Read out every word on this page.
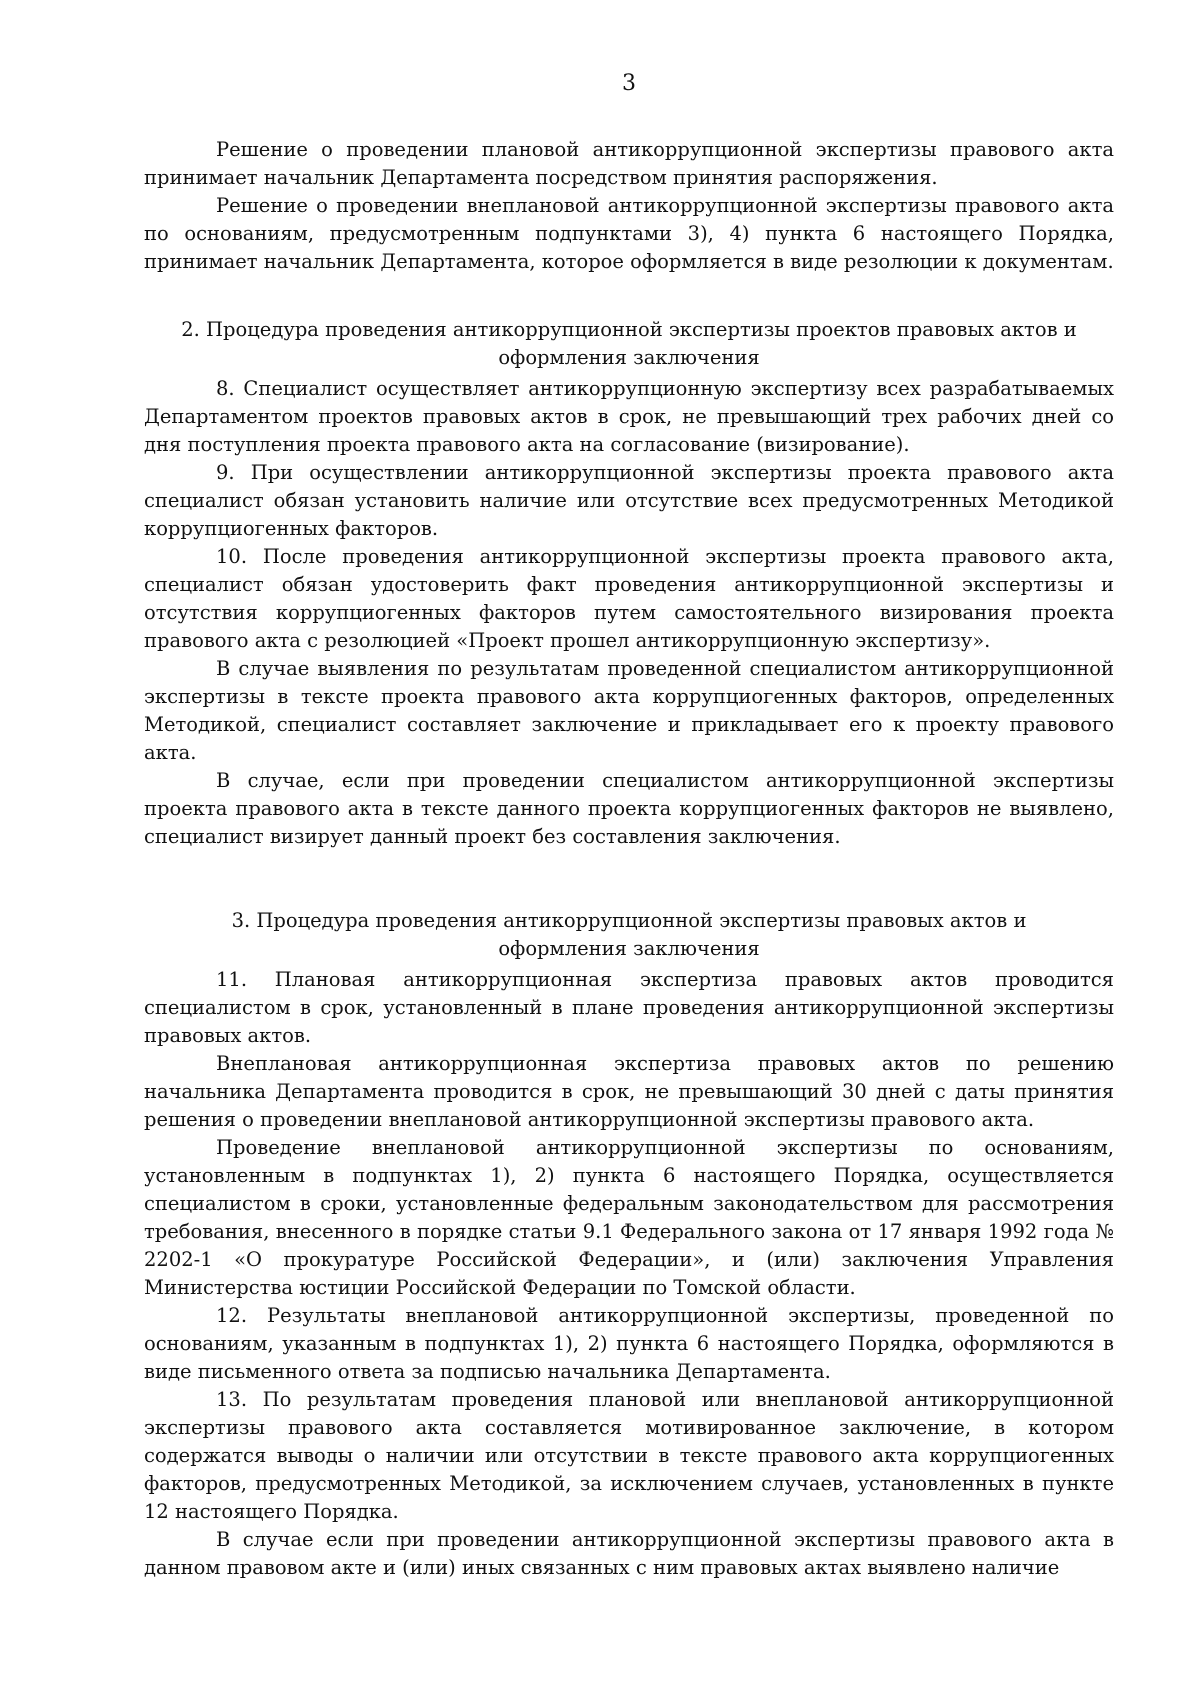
3

Решение о проведении плановой антикоррупционной экспертизы правового акта принимает начальник Департамента посредством принятия распоряжения.

Решение о проведении внеплановой антикоррупционной экспертизы правового акта по основаниям, предусмотренным подпунктами 3), 4) пункта 6 настоящего Порядка, принимает начальник Департамента, которое оформляется в виде резолюции к документам.

2. Процедура проведения антикоррупционной экспертизы проектов правовых актов и
оформления заключения

8. Специалист осуществляет антикоррупционную экспертизу всех разрабатываемых Департаментом проектов правовых актов в срок, не превышающий трех рабочих дней со дня поступления проекта правового акта на согласование (визирование).

9. При осуществлении антикоррупционной экспертизы проекта правового акта специалист обязан установить наличие или отсутствие всех предусмотренных Методикой коррупциогенных факторов.

10. После проведения антикоррупционной экспертизы проекта правового акта, специалист обязан удостоверить факт проведения антикоррупционной экспертизы и отсутствия коррупциогенных факторов путем самостоятельного визирования проекта правового акта с резолюцией «Проект прошел антикоррупционную экспертизу».

В случае выявления по результатам проведенной специалистом антикоррупционной экспертизы в тексте проекта правового акта коррупциогенных факторов, определенных Методикой, специалист составляет заключение и прикладывает его к проекту правового акта.

В случае, если при проведении специалистом антикоррупционной экспертизы проекта правового акта в тексте данного проекта коррупциогенных факторов не выявлено, специалист визирует данный проект без составления заключения.

3. Процедура проведения антикоррупционной экспертизы правовых актов и
оформления заключения

11. Плановая антикоррупционная экспертиза правовых актов проводится специалистом в срок, установленный в плане проведения антикоррупционной экспертизы правовых актов.

Внеплановая антикоррупционная экспертиза правовых актов по решению начальника Департамента проводится в срок, не превышающий 30 дней с даты принятия решения о проведении внеплановой антикоррупционной экспертизы правового акта.

Проведение внеплановой антикоррупционной экспертизы по основаниям, установленным в подпунктах 1), 2) пункта 6 настоящего Порядка, осуществляется специалистом в сроки, установленные федеральным законодательством для рассмотрения требования, внесенного в порядке статьи 9.1 Федерального закона от 17 января 1992 года № 2202-1 «О прокуратуре Российской Федерации», и (или) заключения Управления Министерства юстиции Российской Федерации по Томской области.

12. Результаты внеплановой антикоррупционной экспертизы, проведенной по основаниям, указанным в подпунктах 1), 2) пункта 6 настоящего Порядка, оформляются в виде письменного ответа за подписью начальника Департамента.

13. По результатам проведения плановой или внеплановой антикоррупционной экспертизы правового акта составляется мотивированное заключение, в котором содержатся выводы о наличии или отсутствии в тексте правового акта коррупциогенных факторов, предусмотренных Методикой, за исключением случаев, установленных в пункте 12 настоящего Порядка.

В случае если при проведении антикоррупционной экспертизы правового акта в данном правовом акте и (или) иных связанных с ним правовых актах выявлено наличие
